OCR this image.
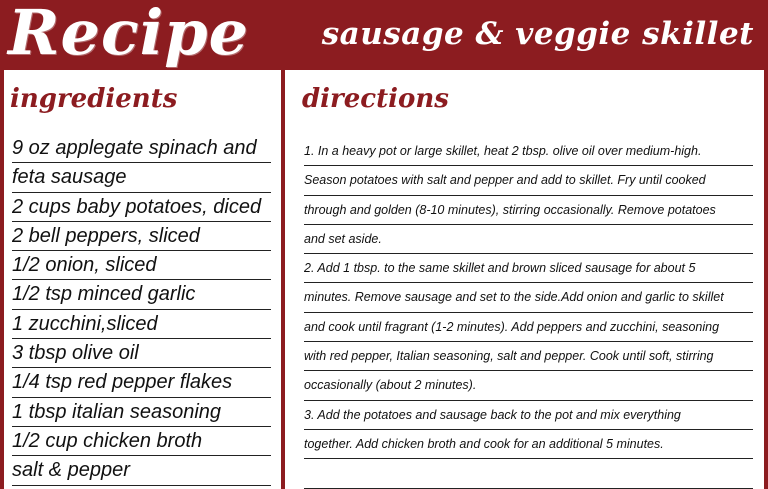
Recipe sausage & veggie skillet
ingredients	directions
9 oz applegate spinach and
feta sausage
2 cups baby potatoes, diced
2 bell peppers, sliced
1/2 onion, sliced
1/2 tsp minced garlic
1 zucchini,sliced
3 tbsp olive oil
1/4 tsp red pepper flakes
1 tbsp italian seasoning
1/2 cup chicken broth
salt & pepper
1. In a heavy pot or large skillet, heat 2 tbsp. olive oil over medium-high.
Season potatoes with salt and pepper and add to skillet. Fry until cooked
through and golden (8-10 minutes), stirring occasionally. Remove potatoes
and set aside.
2. Add 1 tbsp. to the same skillet and brown sliced sausage for about 5
minutes. Remove sausage and set to the side.Add onion and garlic to skillet
and cook until fragrant (1-2 minutes). Add peppers and zucchini, seasoning
with red pepper, Italian seasoning, salt and pepper. Cook until soft, stirring
occasionally (about 2 minutes).
3. Add the potatoes and sausage back to the pot and mix everything
together. Add chicken broth and cook for an additional 5 minutes.
